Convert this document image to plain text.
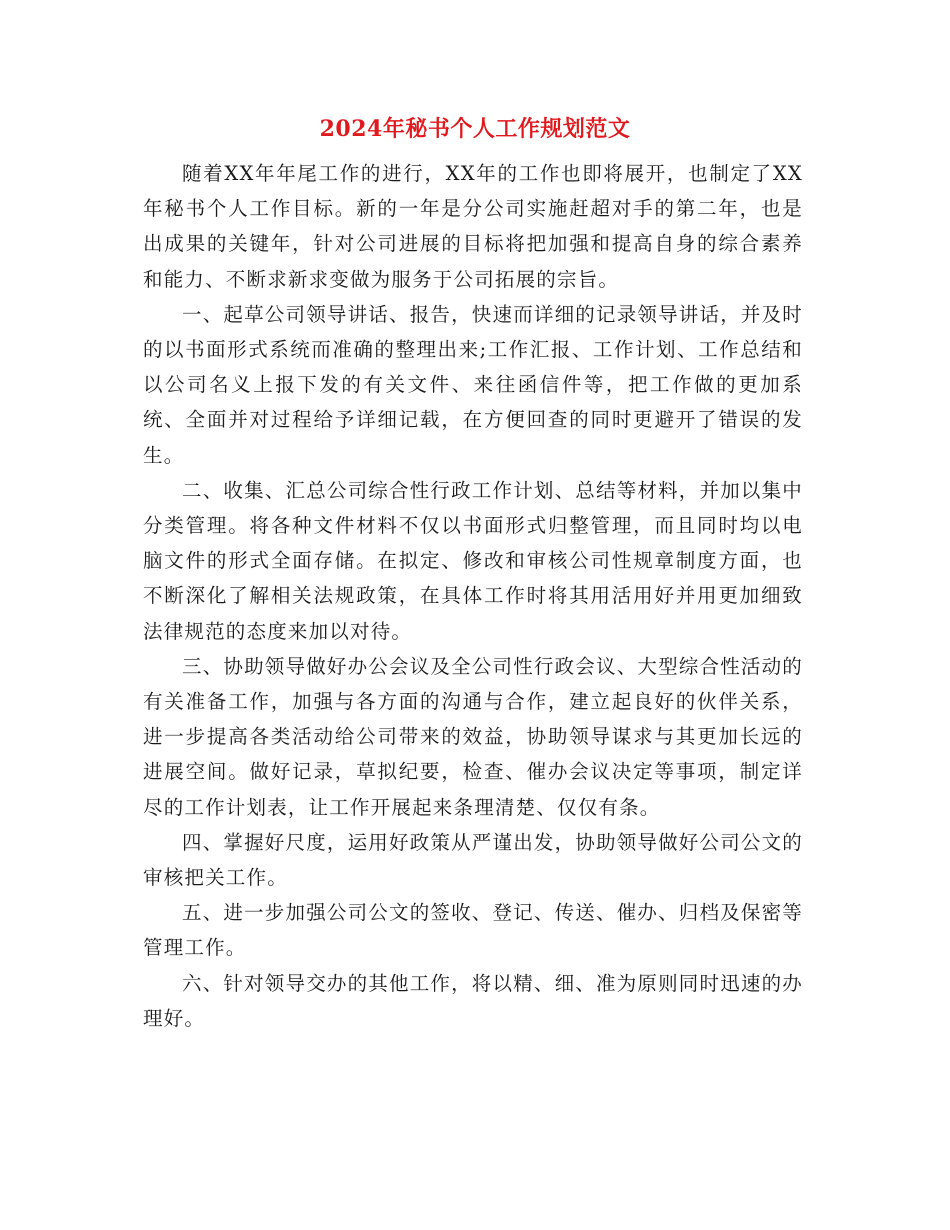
2024年秘书个人工作规划范文

随着XX年年尾工作的进行，XX年的工作也即将展开，也制定了XX年秘书个人工作目标。新的一年是分公司实施赶超对手的第二年，也是出成果的关键年，针对公司进展的目标将把加强和提高自身的综合素养和能力、不断求新求变做为服务于公司拓展的宗旨。

一、起草公司领导讲话、报告，快速而详细的记录领导讲话，并及时的以书面形式系统而准确的整理出来;工作汇报、工作计划、工作总结和以公司名义上报下发的有关文件、来往函信件等，把工作做的更加系统、全面并对过程给予详细记载，在方便回查的同时更避开了错误的发生。

二、收集、汇总公司综合性行政工作计划、总结等材料，并加以集中分类管理。将各种文件材料不仅以书面形式归整管理，而且同时均以电脑文件的形式全面存储。在拟定、修改和审核公司性规章制度方面，也不断深化了解相关法规政策，在具体工作时将其用活用好并用更加细致法律规范的态度来加以对待。

三、协助领导做好办公会议及全公司性行政会议、大型综合性活动的有关准备工作，加强与各方面的沟通与合作，建立起良好的伙伴关系，进一步提高各类活动给公司带来的效益，协助领导谋求与其更加长远的进展空间。做好记录，草拟纪要，检查、催办会议决定等事项，制定详尽的工作计划表，让工作开展起来条理清楚、仅仅有条。

四、掌握好尺度，运用好政策从严谨出发，协助领导做好公司公文的审核把关工作。

五、进一步加强公司公文的签收、登记、传送、催办、归档及保密等管理工作。

六、针对领导交办的其他工作，将以精、细、准为原则同时迅速的办理好。
